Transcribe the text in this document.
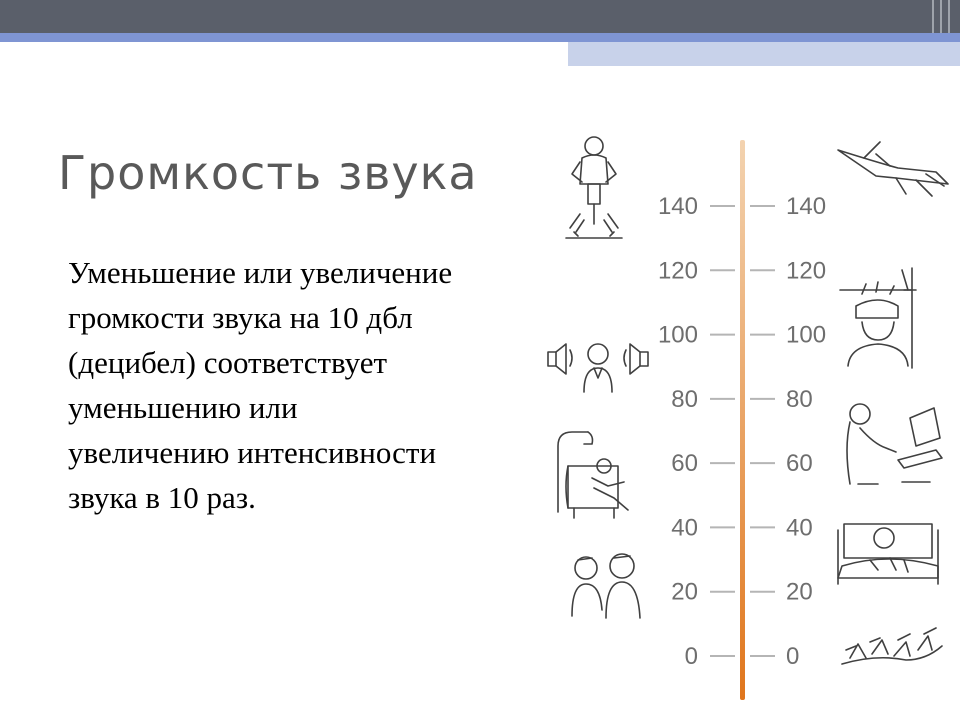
Громкость звука
Уменьшение или увеличение
громкости звука на 10 дбл
(децибел) соответствует
уменьшению или
увеличению интенсивности
звука в 10 раз.
140	140
120	120
100	100
80	80
60	60
40	40
20	20
0	0
